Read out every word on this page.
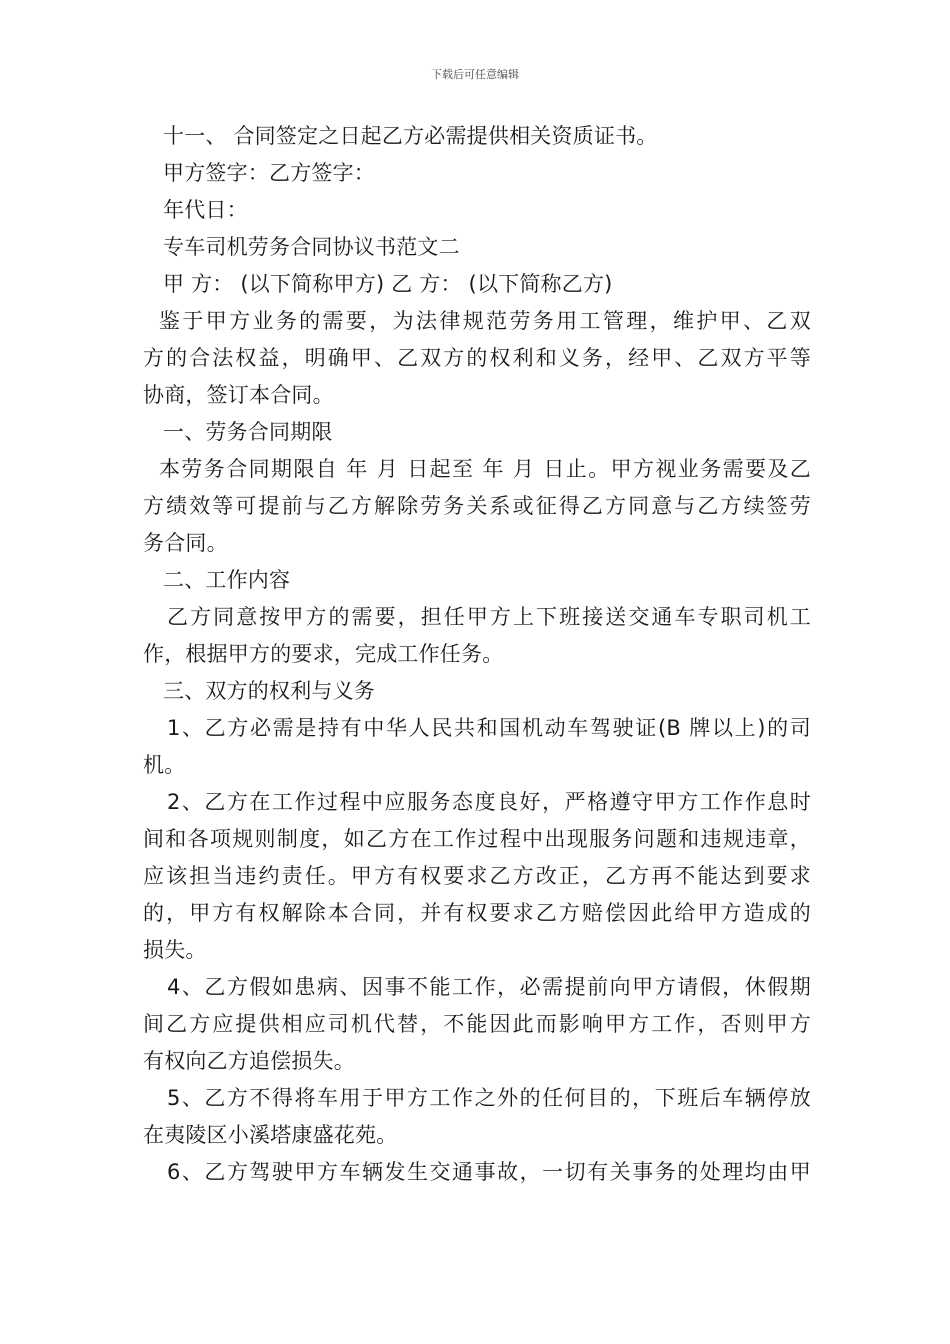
下载后可任意编辑
十一、 合同签定之日起乙方必需提供相关资质证书。
甲方签字：乙方签字：
年代日：
专车司机劳务合同协议书范文二
甲 方： (以下简称甲方) 乙 方： (以下简称乙方)
鉴于甲方业务的需要，为法律规范劳务用工管理，维护甲、乙双
方的合法权益，明确甲、乙双方的权利和义务，经甲、乙双方平等
协商，签订本合同。
一、劳务合同期限
本劳务合同期限自 年 月 日起至 年 月 日止。甲方视业务需要及乙
方绩效等可提前与乙方解除劳务关系或征得乙方同意与乙方续签劳
务合同。
二、工作内容
乙方同意按甲方的需要，担任甲方上下班接送交通车专职司机工
作，根据甲方的要求，完成工作任务。
三、双方的权利与义务
1、乙方必需是持有中华人民共和国机动车驾驶证(B 牌以上)的司
机。
2、乙方在工作过程中应服务态度良好，严格遵守甲方工作作息时
间和各项规则制度，如乙方在工作过程中出现服务问题和违规违章，
应该担当违约责任。甲方有权要求乙方改正，乙方再不能达到要求
的，甲方有权解除本合同，并有权要求乙方赔偿因此给甲方造成的
损失。
4、乙方假如患病、因事不能工作，必需提前向甲方请假，休假期
间乙方应提供相应司机代替，不能因此而影响甲方工作，否则甲方
有权向乙方追偿损失。
5、乙方不得将车用于甲方工作之外的任何目的，下班后车辆停放
在夷陵区小溪塔康盛花苑。
6、乙方驾驶甲方车辆发生交通事故，一切有关事务的处理均由甲
